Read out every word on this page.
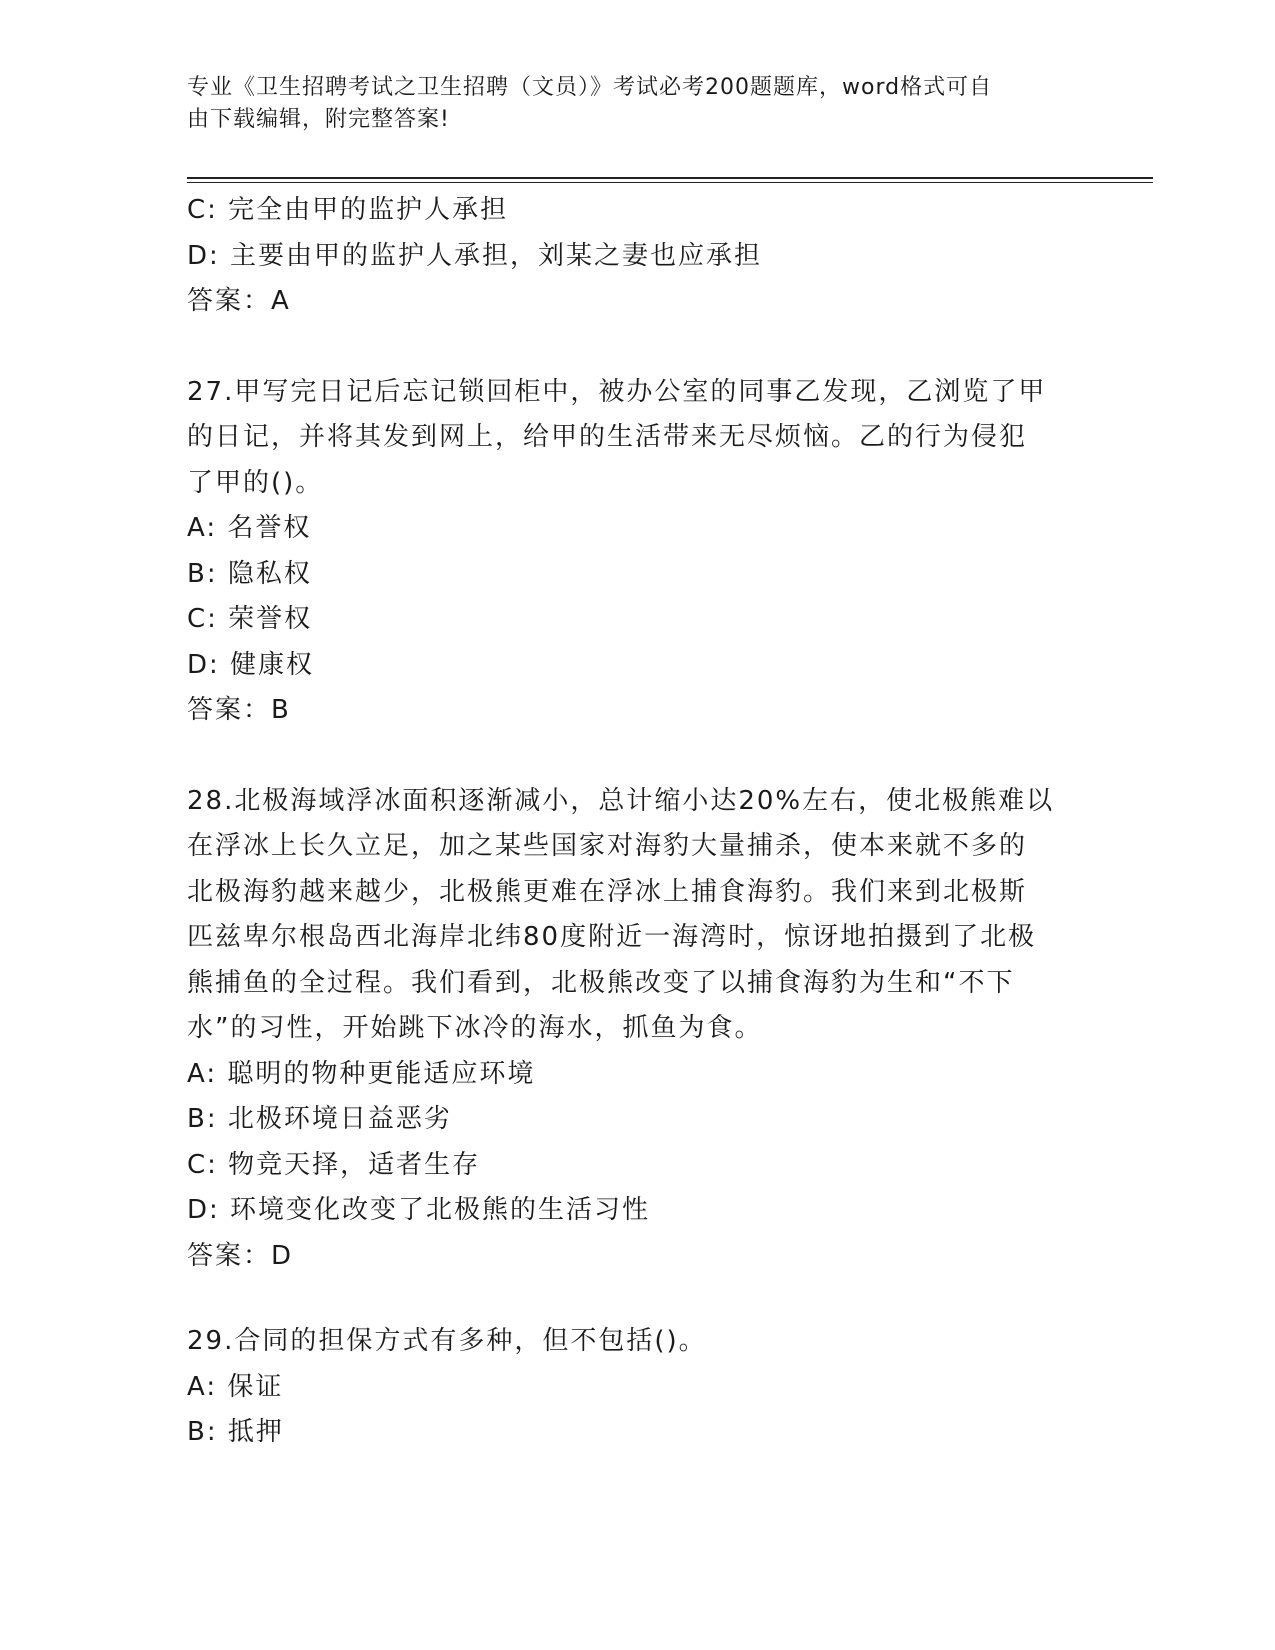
专业《卫生招聘考试之卫生招聘（文员）》考试必考200题题库，word格式可自
由下载编辑，附完整答案!
C: 完全由甲的监护人承担
D: 主要由甲的监护人承担，刘某之妻也应承担
答案：A
27.甲写完日记后忘记锁回柜中，被办公室的同事乙发现，乙浏览了甲
的日记，并将其发到网上，给甲的生活带来无尽烦恼。乙的行为侵犯
了甲的()。
A: 名誉权
B: 隐私权
C: 荣誉权
D: 健康权
答案：B
28.北极海域浮冰面积逐渐减小，总计缩小达20%左右，使北极熊难以
在浮冰上长久立足，加之某些国家对海豹大量捕杀，使本来就不多的
北极海豹越来越少，北极熊更难在浮冰上捕食海豹。我们来到北极斯
匹兹卑尔根岛西北海岸北纬80度附近一海湾时，惊讶地拍摄到了北极
熊捕鱼的全过程。我们看到，北极熊改变了以捕食海豹为生和“不下
水”的习性，开始跳下冰冷的海水，抓鱼为食。
A: 聪明的物种更能适应环境
B: 北极环境日益恶劣
C: 物竞天择，适者生存
D: 环境变化改变了北极熊的生活习性
答案：D
29.合同的担保方式有多种，但不包括()。
A: 保证
B: 抵押
